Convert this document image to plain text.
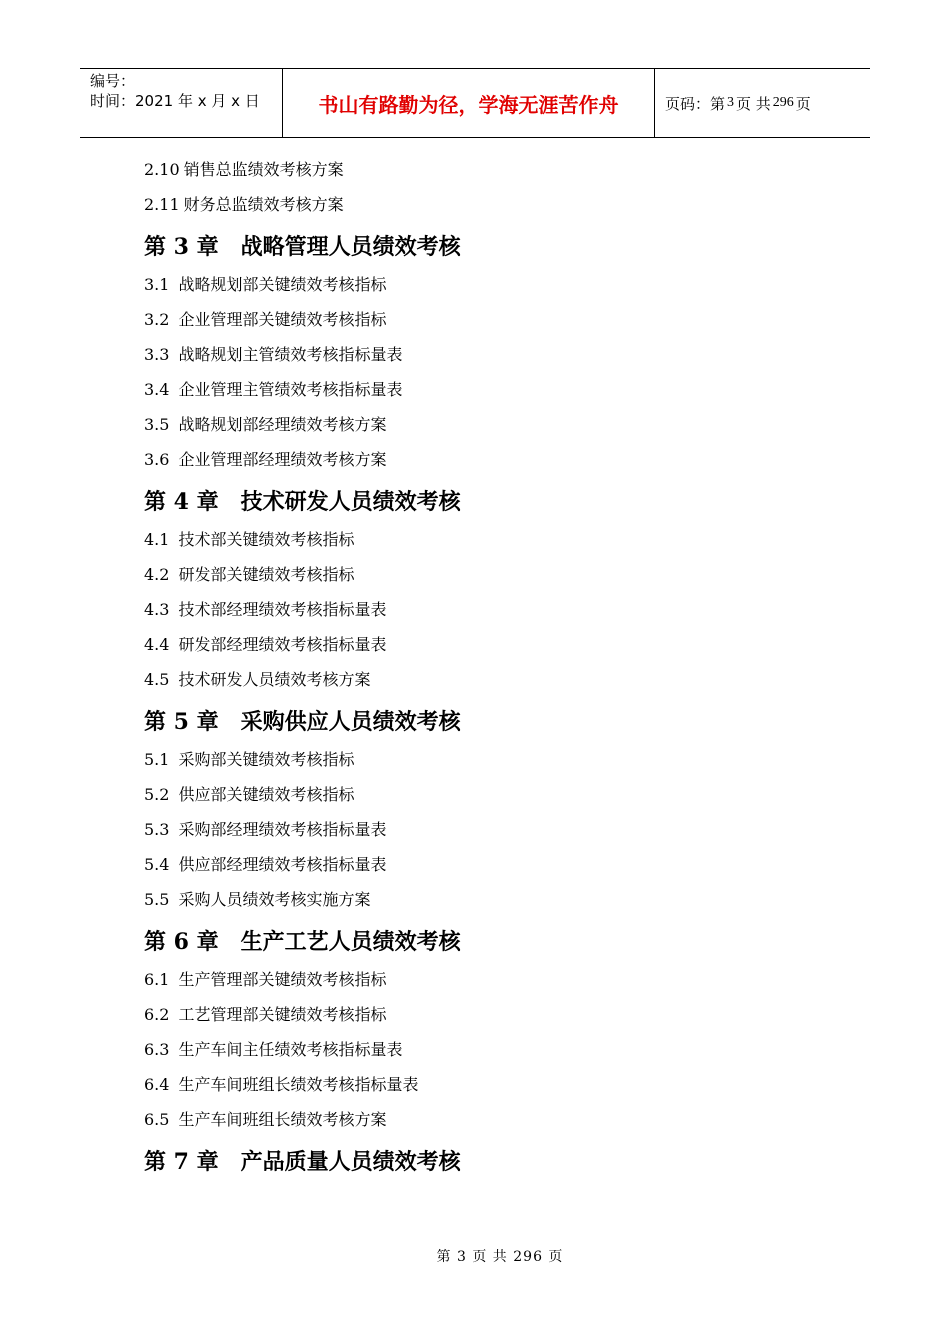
编号：
时间：2021 年 x 月 x 日	书山有路勤为径，学海无涯苦作舟	页码：第 3 页 共 296 页
2.10 销售总监绩效考核方案
2.11 财务总监绩效考核方案
第 3 章 战略管理人员绩效考核
3.1 战略规划部关键绩效考核指标
3.2 企业管理部关键绩效考核指标
3.3 战略规划主管绩效考核指标量表
3.4 企业管理主管绩效考核指标量表
3.5 战略规划部经理绩效考核方案
3.6 企业管理部经理绩效考核方案
第 4 章 技术研发人员绩效考核
4.1 技术部关键绩效考核指标
4.2 研发部关键绩效考核指标
4.3 技术部经理绩效考核指标量表
4.4 研发部经理绩效考核指标量表
4.5 技术研发人员绩效考核方案
第 5 章 采购供应人员绩效考核
5.1 采购部关键绩效考核指标
5.2 供应部关键绩效考核指标
5.3 采购部经理绩效考核指标量表
5.4 供应部经理绩效考核指标量表
5.5 采购人员绩效考核实施方案
第 6 章 生产工艺人员绩效考核
6.1 生产管理部关键绩效考核指标
6.2 工艺管理部关键绩效考核指标
6.3 生产车间主任绩效考核指标量表
6.4 生产车间班组长绩效考核指标量表
6.5 生产车间班组长绩效考核方案
第 7 章 产品质量人员绩效考核
第 3 页 共 296 页
